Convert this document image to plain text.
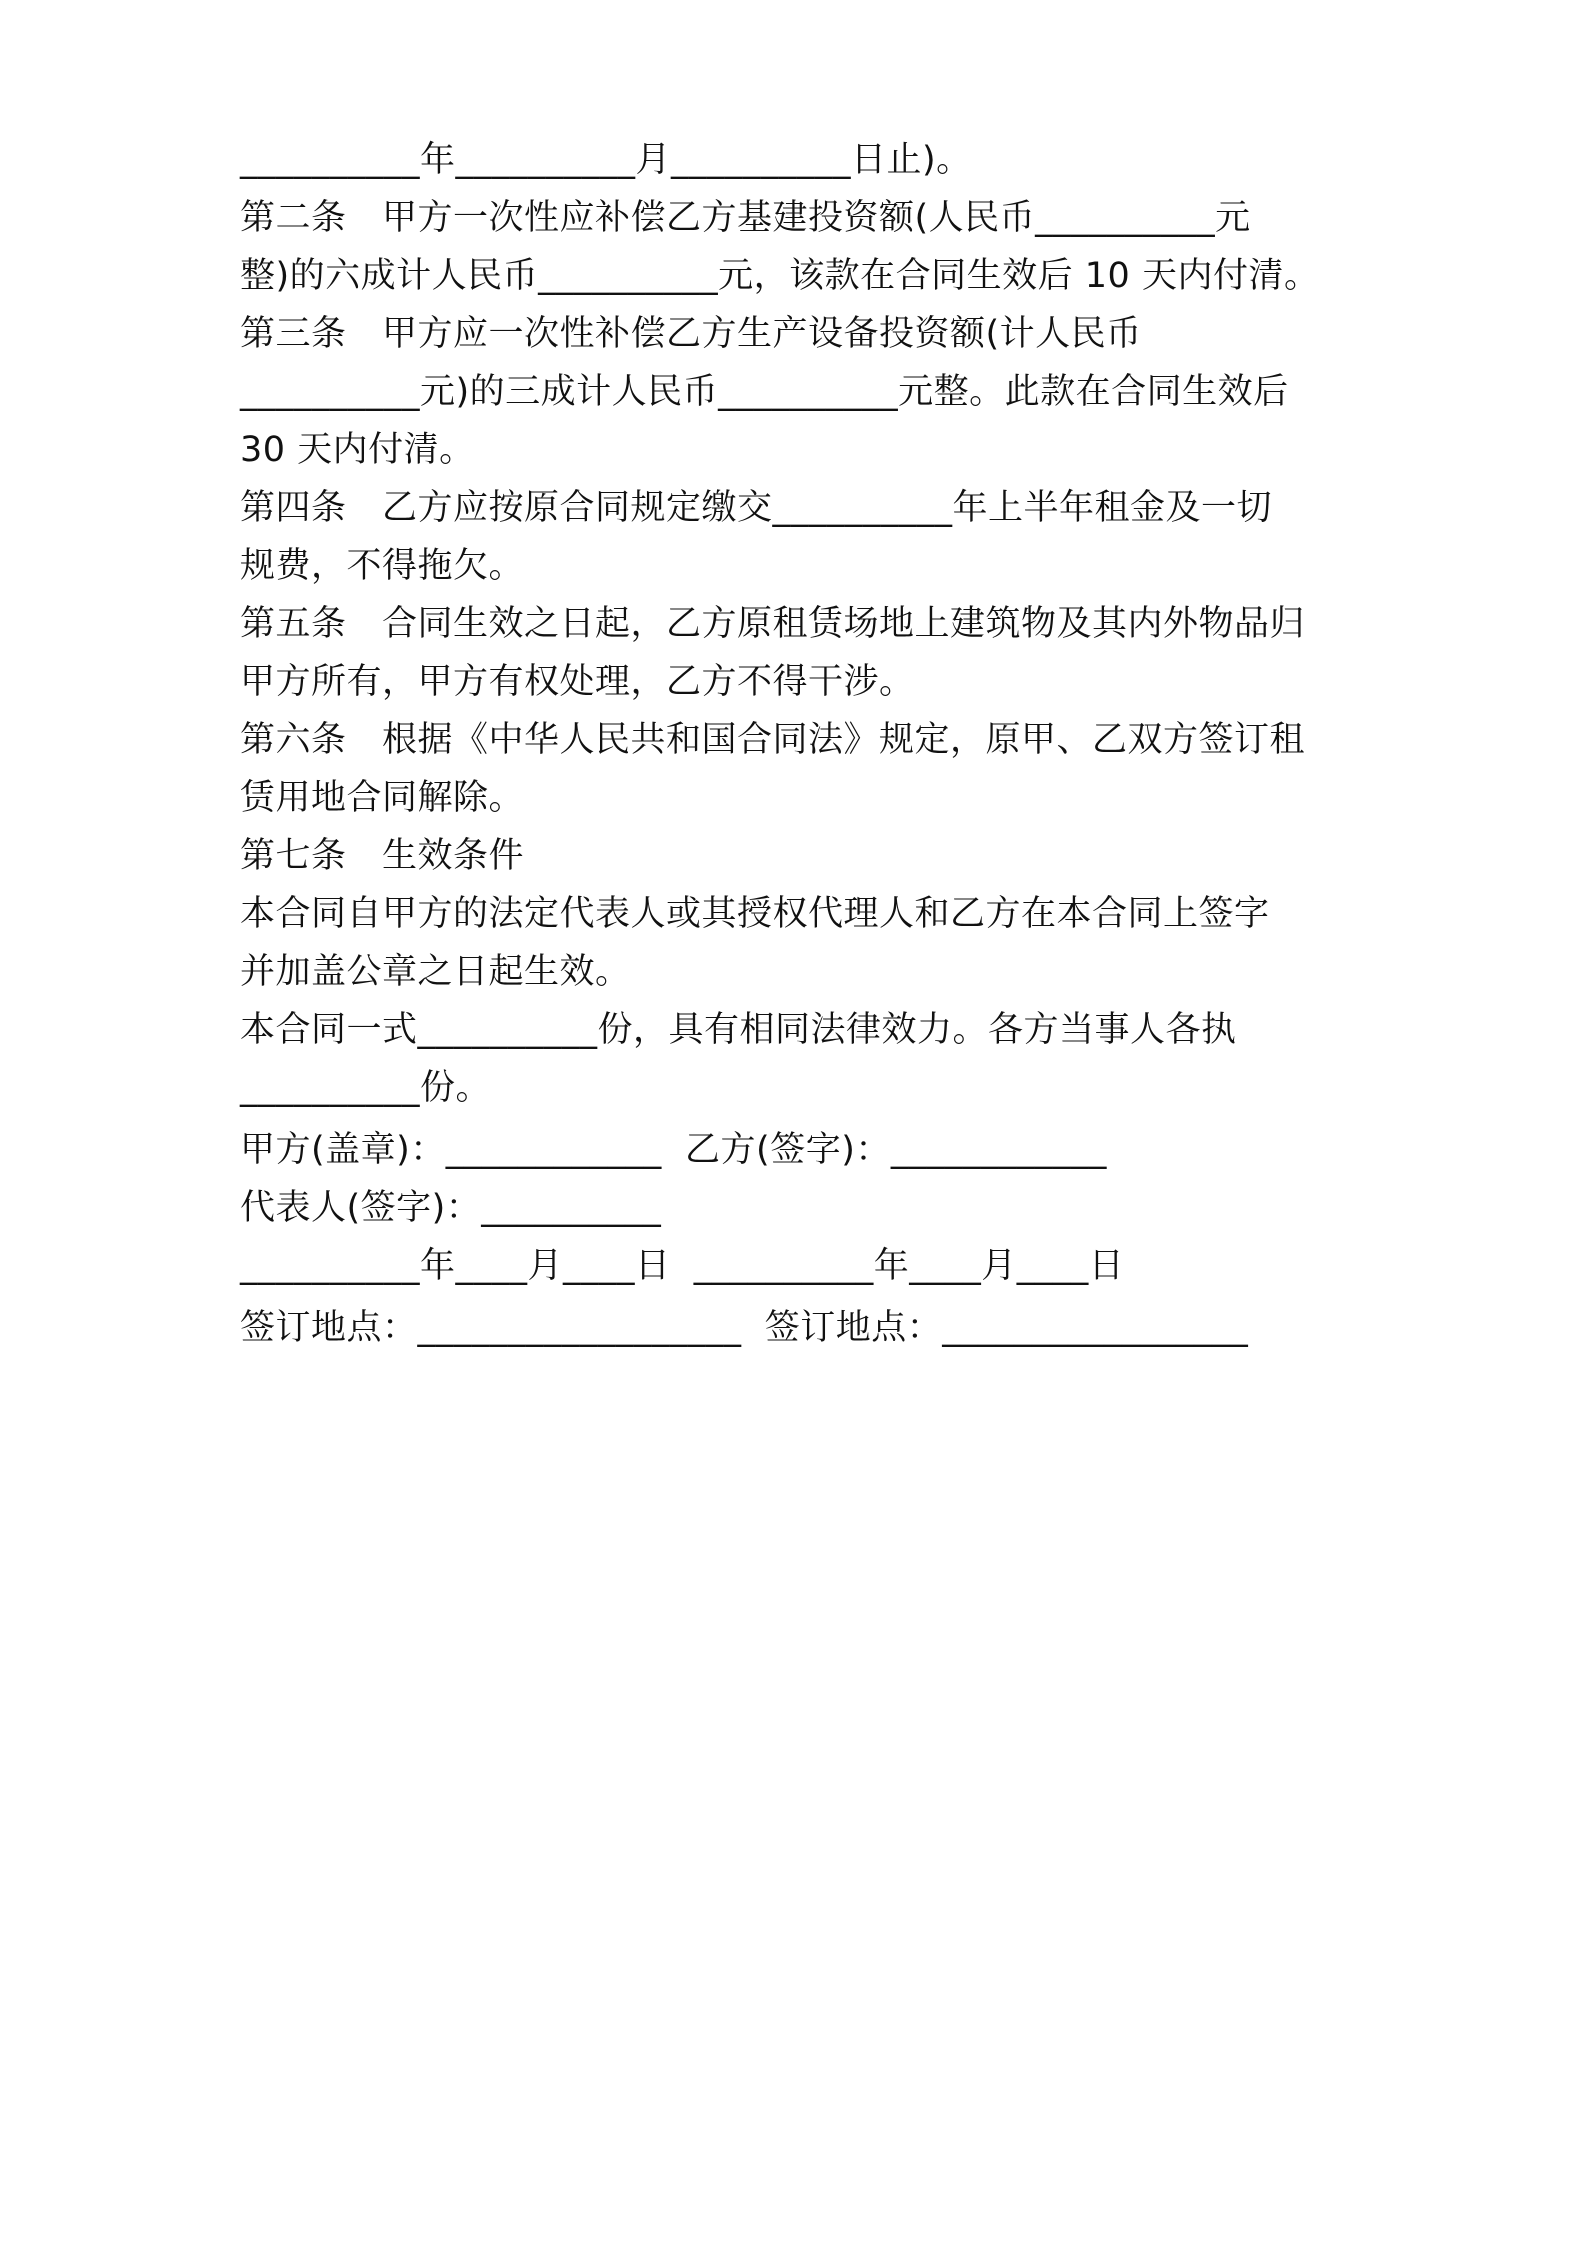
__________年__________月__________日止)。
第二条　甲方一次性应补偿乙方基建投资额(人民币__________元
整)的六成计人民币__________元，该款在合同生效后 10 天内付清。
第三条　甲方应一次性补偿乙方生产设备投资额(计人民币
__________元)的三成计人民币__________元整。此款在合同生效后
30 天内付清。
第四条　乙方应按原合同规定缴交__________年上半年租金及一切
规费，不得拖欠。
第五条　合同生效之日起，乙方原租赁场地上建筑物及其内外物品归
甲方所有，甲方有权处理，乙方不得干涉。
第六条　根据《中华人民共和国合同法》规定，原甲、乙双方签订租
赁用地合同解除。
第七条　生效条件
本合同自甲方的法定代表人或其授权代理人和乙方在本合同上签字
并加盖公章之日起生效。
本合同一式__________份，具有相同法律效力。各方当事人各执
__________份。
甲方(盖章)：____________  乙方(签字)：____________
代表人(签字)：__________
__________年____月____日  __________年____月____日
签订地点：__________________  签订地点：_________________
